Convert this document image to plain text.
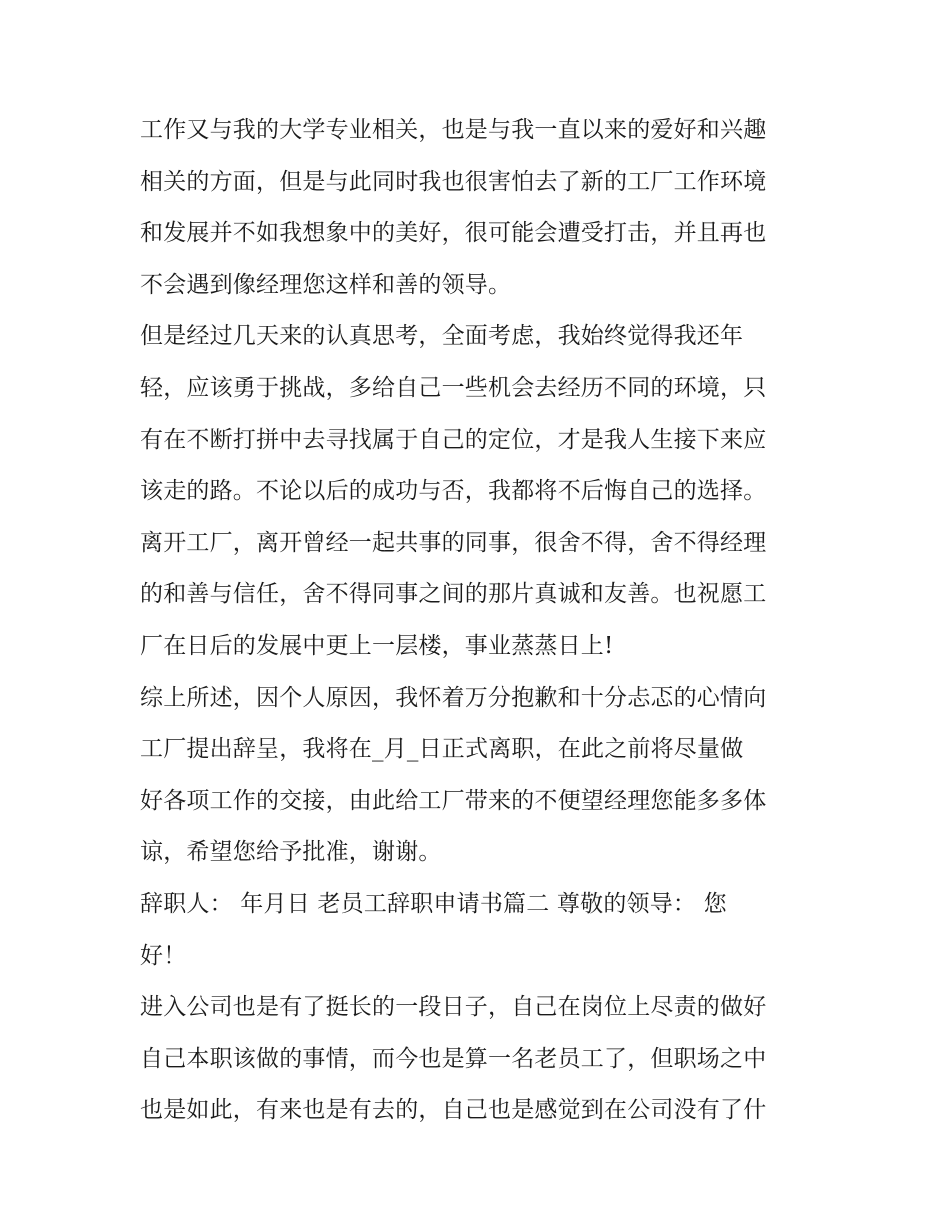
工作又与我的大学专业相关，也是与我一直以来的爱好和兴趣
相关的方面，但是与此同时我也很害怕去了新的工厂工作环境
和发展并不如我想象中的美好，很可能会遭受打击，并且再也
不会遇到像经理您这样和善的领导。
但是经过几天来的认真思考，全面考虑，我始终觉得我还年
轻，应该勇于挑战，多给自己一些机会去经历不同的环境，只
有在不断打拼中去寻找属于自己的定位，才是我人生接下来应
该走的路。不论以后的成功与否，我都将不后悔自己的选择。
离开工厂，离开曾经一起共事的同事，很舍不得，舍不得经理
的和善与信任，舍不得同事之间的那片真诚和友善。也祝愿工
厂在日后的发展中更上一层楼，事业蒸蒸日上!
综上所述，因个人原因，我怀着万分抱歉和十分忐忑的心情向
工厂提出辞呈，我将在_月_日正式离职，在此之前将尽量做
好各项工作的交接，由此给工厂带来的不便望经理您能多多体
谅，希望您给予批准，谢谢。
辞职人： 年月日 老员工辞职申请书篇二 尊敬的领导： 您
好！
进入公司也是有了挺长的一段日子，自己在岗位上尽责的做好
自己本职该做的事情，而今也是算一名老员工了，但职场之中
也是如此，有来也是有去的，自己也是感觉到在公司没有了什
